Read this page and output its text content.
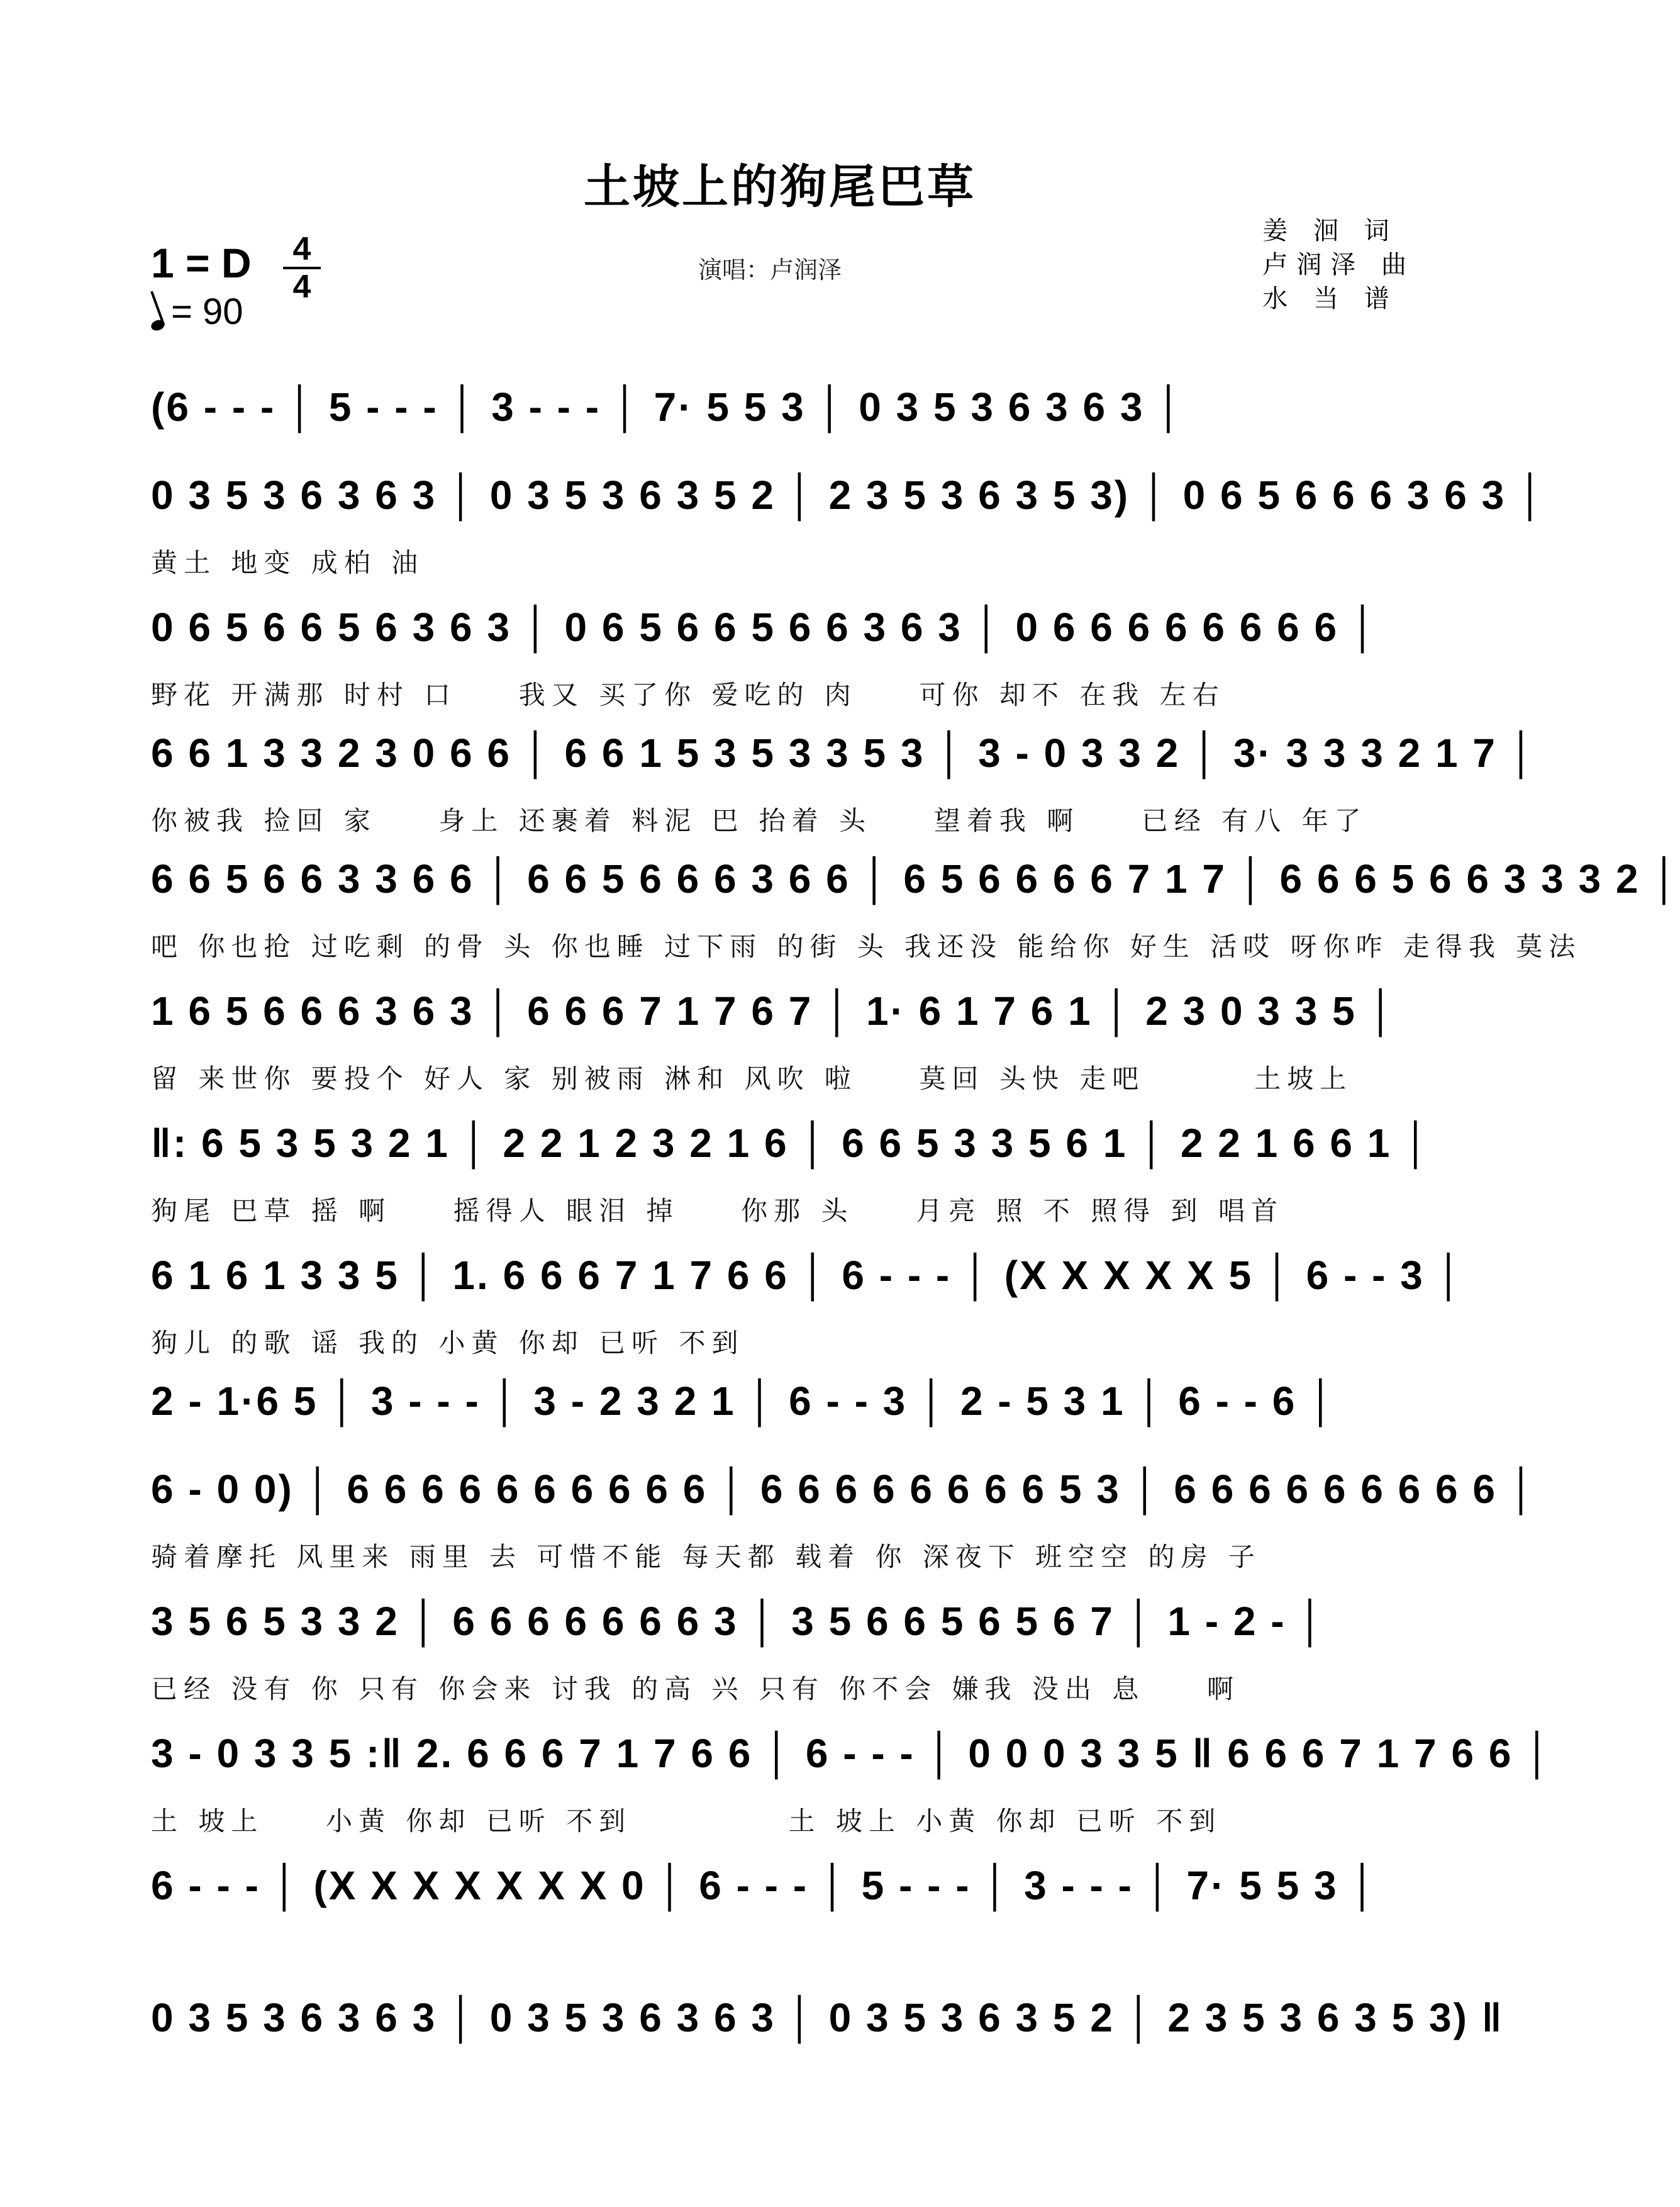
土坡上的狗尾巴草
1 = D 4
4
= 90
演唱：卢润泽
姜 洄 词
卢润泽 曲
水 当 谱
(6 - - - │ 5 - - - │ 3 - - - │ 7· 5 5 3 │ 0 3 5 3 6 3 6 3 │
0 3 5 3 6 3 6 3 │ 0 3 5 3 6 3 5 2 │ 2 3 5 3 6 3 5 3) │ 0 6 5 6 6 6 3 6 3 │
黄土 地变 成柏 油
0 6 5 6 6 5 6 3 6 3 │ 0 6 5 6 6 5 6 6 3 6 3 │ 0 6 6 6 6 6 6 6 6 │
野花 开满那 时村 口 　 我又 买了你 爱吃的 肉 　 可你 却不 在我 左右
6 6 1 3 3 2 3 0 6 6 │ 6 6 1 5 3 5 3 3 5 3 │ 3 - 0 3 3 2 │ 3· 3 3 3 2 1 7 │
你被我 捡回 家 　 身上 还裹着 料泥 巴 抬着 头 　 望着我 啊 　 已经 有八 年了
6 6 5 6 6 3 3 6 6 │ 6 6 5 6 6 6 3 6 6 │ 6 5 6 6 6 6 7 1 7 │ 6 6 6 5 6 6 3 3 3 2 │
吧 你也抢 过吃剩 的骨 头 你也睡 过下雨 的街 头 我还没 能给你 好生 活哎 呀你咋 走得我 莫法
1 6 5 6 6 6 3 6 3 │ 6 6 6 7 1 7 6 7 │ 1· 6 1 7 6 1 │ 2 3 0 3 3 5 │
留 来世你 要投个 好人 家 别被雨 淋和 风吹 啦 　 莫回 头快 走吧 　 　 土坡上
‖: 6 5 3 5 3 2 1 │ 2 2 1 2 3 2 1 6 │ 6 6 5 3 3 5 6 1 │ 2 2 1 6 6 1 │
狗尾 巴草 摇 啊 　 摇得人 眼泪 掉 　 你那 头 　 月亮 照 不 照得 到 唱首
6 1 6 1 3 3 5 │ 1. 6 6 6 7 1 7 6 6 │ 6 - - - │ (X X X X X 5 │ 6 - - 3 │
狗儿 的歌 谣 我的 小黄 你却 已听 不到
2 - 1·6 5 │ 3 - - - │ 3 - 2 3 2 1 │ 6 - - 3 │ 2 - 5 3 1 │ 6 - - 6 │
6 - 0 0) │ 6 6 6 6 6 6 6 6 6 6 │ 6 6 6 6 6 6 6 6 5 3 │ 6 6 6 6 6 6 6 6 6 │
骑着摩托 风里来 雨里 去 可惜不能 每天都 载着 你 深夜下 班空空 的房 子
3 5 6 5 3 3 2 │ 6 6 6 6 6 6 6 3 │ 3 5 6 6 5 6 5 6 7 │ 1 - 2 - │
已经 没有 你 只有 你会来 讨我 的高 兴 只有 你不会 嫌我 没出 息 　 啊
3 - 0 3 3 5 :‖ 2. 6 6 6 7 1 7 6 6 │ 6 - - - │ 0 0 0 3 3 5 ‖ 6 6 6 7 1 7 6 6 │
土 坡上 　 小黄 你却 已听 不到 　 　 　 土 坡上 小黄 你却 已听 不到
6 - - - │ (X X X X X X X 0 │ 6 - - - │ 5 - - - │ 3 - - - │ 7· 5 5 3 │
0 3 5 3 6 3 6 3 │ 0 3 5 3 6 3 6 3 │ 0 3 5 3 6 3 5 2 │ 2 3 5 3 6 3 5 3) ‖
